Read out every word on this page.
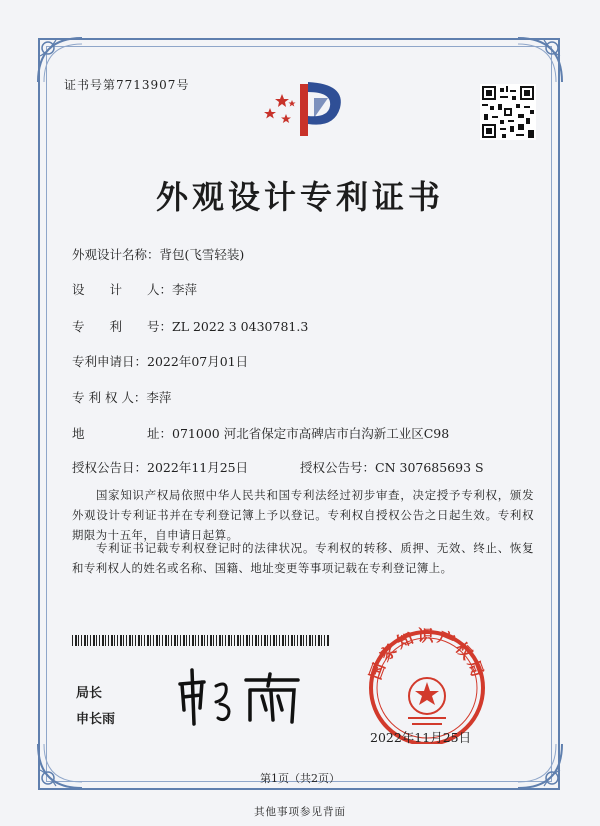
证书号第7713907号
外观设计专利证书
外观设计名称：背包(飞雪轻装)
设　　计　　人：李萍
专　　利　　号：ZL 2022 3 0430781.3
专利申请日：2022年07月01日
专 利 权 人：李萍
地　　　　　址：071000 河北省保定市高碑店市白沟新工业区C98
授权公告日：2022年11月25日	授权公告号：CN 307685693 S
国家知识产权局依照中华人民共和国专利法经过初步审查，决定授予专利权，颁发外观设计专利证书并在专利登记簿上予以登记。专利权自授权公告之日起生效。专利权期限为十五年，自申请日起算。
专利证书记载专利权登记时的法律状况。专利权的转移、质押、无效、终止、恢复和专利权人的姓名或名称、国籍、地址变更等事项记载在专利登记簿上。
局长
申长雨
国家知识产权局
2022年11月25日
第1页（共2页）
其他事项参见背面
